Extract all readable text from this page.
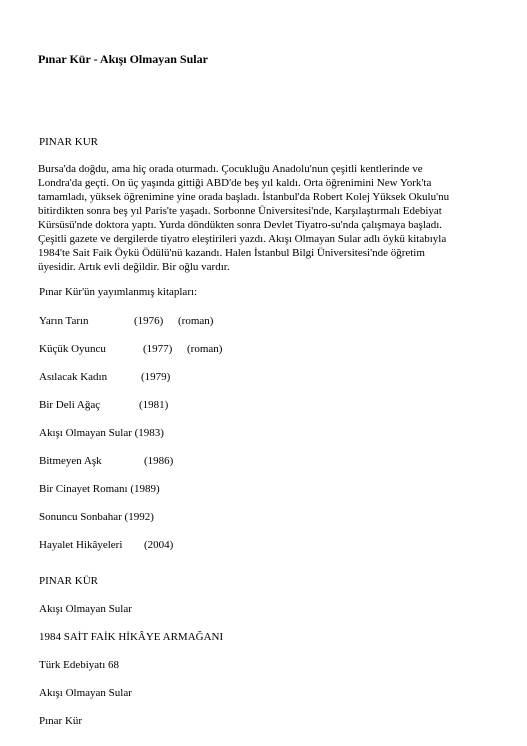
Pınar Kür - Akışı Olmayan Sular
PINAR KUR
Bursa'da doğdu, ama hiç orada oturmadı. Çocukluğu Anadolu'nun çeşitli kentlerinde ve
Londra'da geçti. On üç yaşında gittiği ABD'de beş yıl kaldı. Orta öğrenimini New York'ta
tamamladı, yüksek öğrenimine yine orada başladı. İstanbul'da Robert Kolej Yüksek Okulu'nu
bitirdikten sonra beş yıl Paris'te yaşadı. Sorbonne Üniversitesi'nde, Karşılaştırmalı Edebiyat
Kürsüsü'nde doktora yaptı. Yurda döndükten sonra Devlet Tiyatro-su'nda çalışmaya başladı.
Çeşitli gazete ve dergilerde tiyatro eleştirileri yazdı. Akışı Olmayan Sular adlı öykü kitabıyla
1984'te Sait Faik Öykü Ödülü'nü kazandı. Halen İstanbul Bilgi Üniversitesi'nde öğretim
üyesidir. Artık evli değildir. Bir oğlu vardır.
Pınar Kür'ün yayımlanmış kitapları:
Yarın Tarın	(1976) (roman)
Küçük Oyuncu	(1977) (roman)
Asılacak Kadın	(1979)
Bir Deli Ağaç	(1981)
Akışı Olmayan Sular (1983)
Bitmeyen Aşk	(1986)
Bir Cinayet Romanı (1989)
Sonuncu Sonbahar (1992)
Hayalet Hikâyeleri (2004)
PINAR KÜR
Akışı Olmayan Sular
1984 SAİT FAİK HİKÂYE ARMAĞANI
Türk Edebiyatı 68
Akışı Olmayan Sular
Pınar Kür
